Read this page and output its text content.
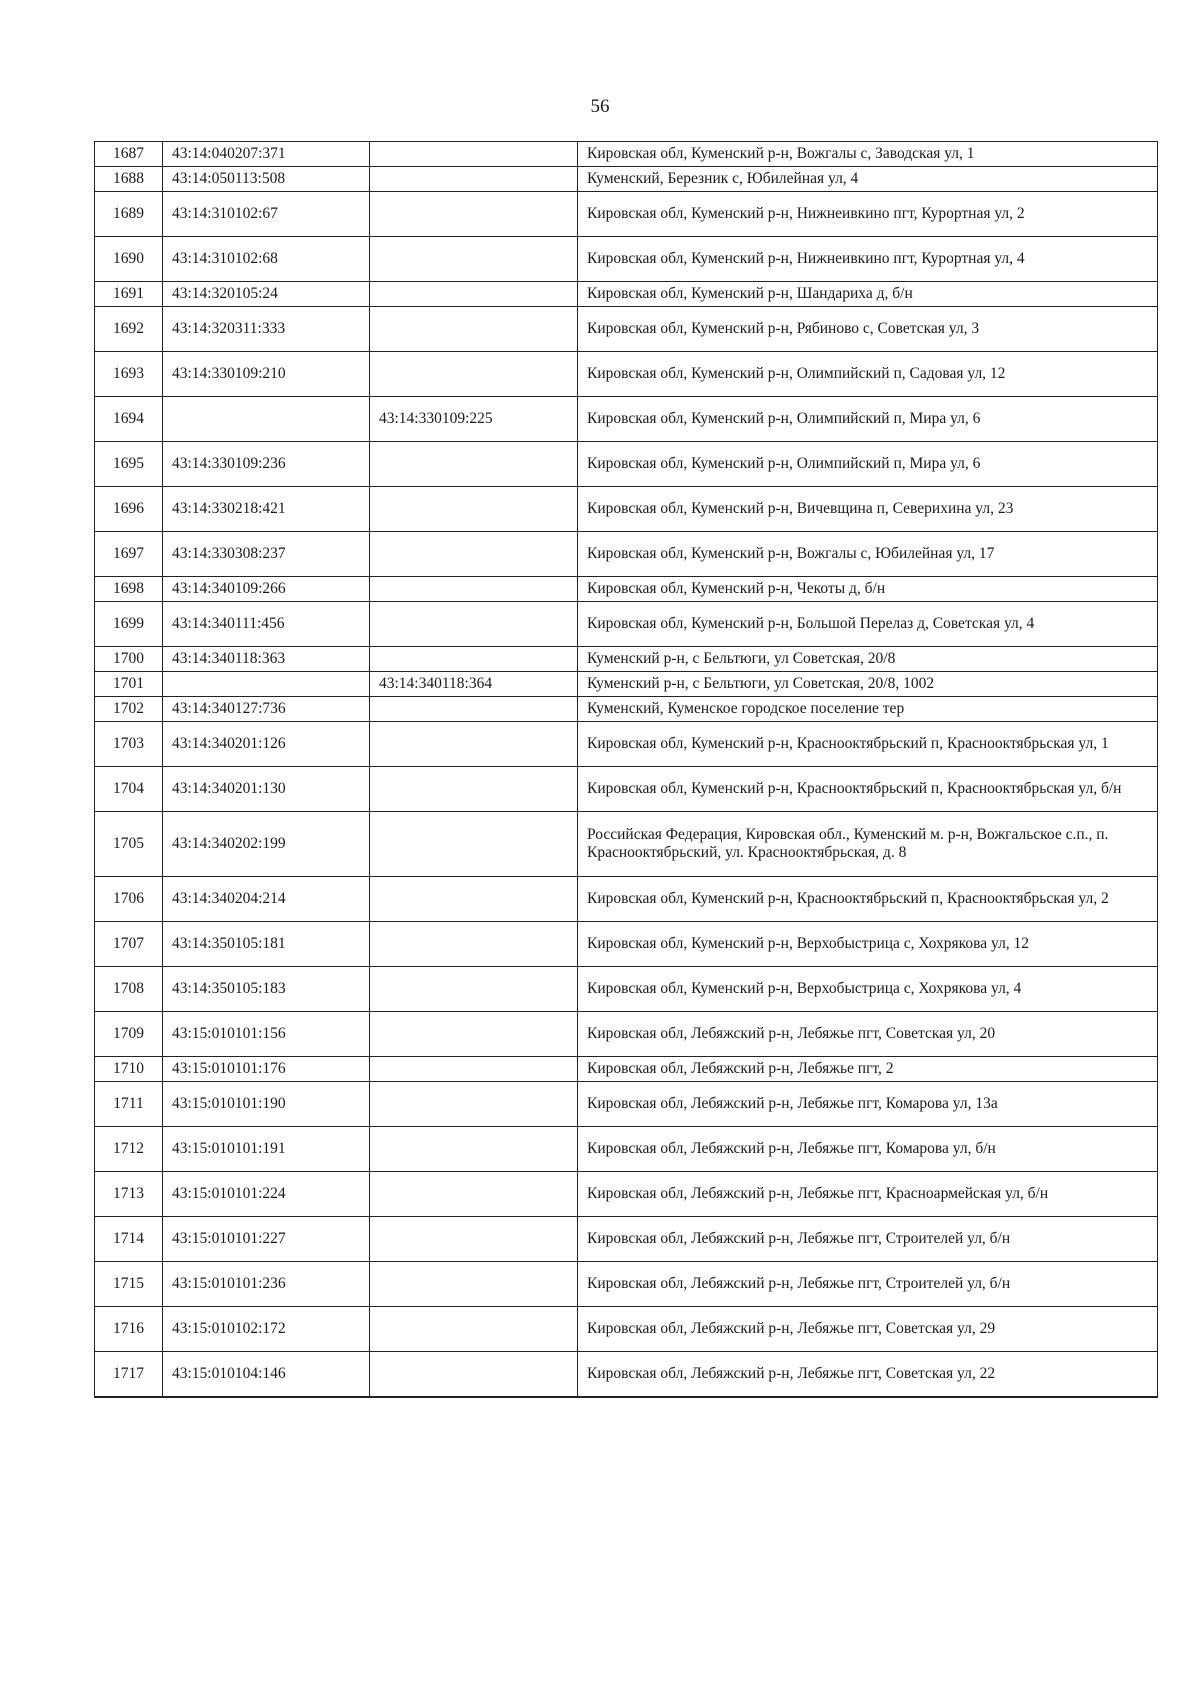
56
1687	43:14:040207:371		Кировская обл, Куменский р-н, Вожгалы с, Заводская ул, 1
1688	43:14:050113:508		Куменский, Березник с, Юбилейная ул, 4
1689	43:14:310102:67		Кировская обл, Куменский р-н, Нижнеивкино пгт, Курортная ул, 2
1690	43:14:310102:68		Кировская обл, Куменский р-н, Нижнеивкино пгт, Курортная ул, 4
1691	43:14:320105:24		Кировская обл, Куменский р-н, Шандариха д, б/н
1692	43:14:320311:333		Кировская обл, Куменский р-н, Рябиново с, Советская ул, 3
1693	43:14:330109:210		Кировская обл, Куменский р-н, Олимпийский п, Садовая ул, 12
1694		43:14:330109:225	Кировская обл, Куменский р-н, Олимпийский п, Мира ул, 6
1695	43:14:330109:236		Кировская обл, Куменский р-н, Олимпийский п, Мира ул, 6
1696	43:14:330218:421		Кировская обл, Куменский р-н, Вичевщина п, Северихина ул, 23
1697	43:14:330308:237		Кировская обл, Куменский р-н, Вожгалы с, Юбилейная ул, 17
1698	43:14:340109:266		Кировская обл, Куменский р-н, Чекоты д, б/н
1699	43:14:340111:456		Кировская обл, Куменский р-н, Большой Перелаз д, Советская ул, 4
1700	43:14:340118:363		Куменский р-н, с Бельтюги, ул Советская, 20/8
1701		43:14:340118:364	Куменский р-н, с Бельтюги, ул Советская, 20/8, 1002
1702	43:14:340127:736		Куменский, Куменское городское поселение тер
1703	43:14:340201:126		Кировская обл, Куменский р-н, Краснооктябрьский п, Краснооктябрьская ул, 1
1704	43:14:340201:130		Кировская обл, Куменский р-н, Краснооктябрьский п, Краснооктябрьская ул, б/н
1705	43:14:340202:199		Российская Федерация, Кировская обл., Куменский м. р-н, Вожгальское с.п., п. Краснооктябрьский, ул. Краснооктябрьская, д. 8
1706	43:14:340204:214		Кировская обл, Куменский р-н, Краснооктябрьский п, Краснооктябрьская ул, 2
1707	43:14:350105:181		Кировская обл, Куменский р-н, Верхобыстрица с, Хохрякова ул, 12
1708	43:14:350105:183		Кировская обл, Куменский р-н, Верхобыстрица с, Хохрякова ул, 4
1709	43:15:010101:156		Кировская обл, Лебяжский р-н, Лебяжье пгт, Советская ул, 20
1710	43:15:010101:176		Кировская обл, Лебяжский р-н, Лебяжье пгт, 2
1711	43:15:010101:190		Кировская обл, Лебяжский р-н, Лебяжье пгт, Комарова ул, 13а
1712	43:15:010101:191		Кировская обл, Лебяжский р-н, Лебяжье пгт, Комарова ул, б/н
1713	43:15:010101:224		Кировская обл, Лебяжский р-н, Лебяжье пгт, Красноармейская ул, б/н
1714	43:15:010101:227		Кировская обл, Лебяжский р-н, Лебяжье пгт, Строителей ул, б/н
1715	43:15:010101:236		Кировская обл, Лебяжский р-н, Лебяжье пгт, Строителей ул, б/н
1716	43:15:010102:172		Кировская обл, Лебяжский р-н, Лебяжье пгт, Советская ул, 29
1717	43:15:010104:146		Кировская обл, Лебяжский р-н, Лебяжье пгт, Советская ул, 22
